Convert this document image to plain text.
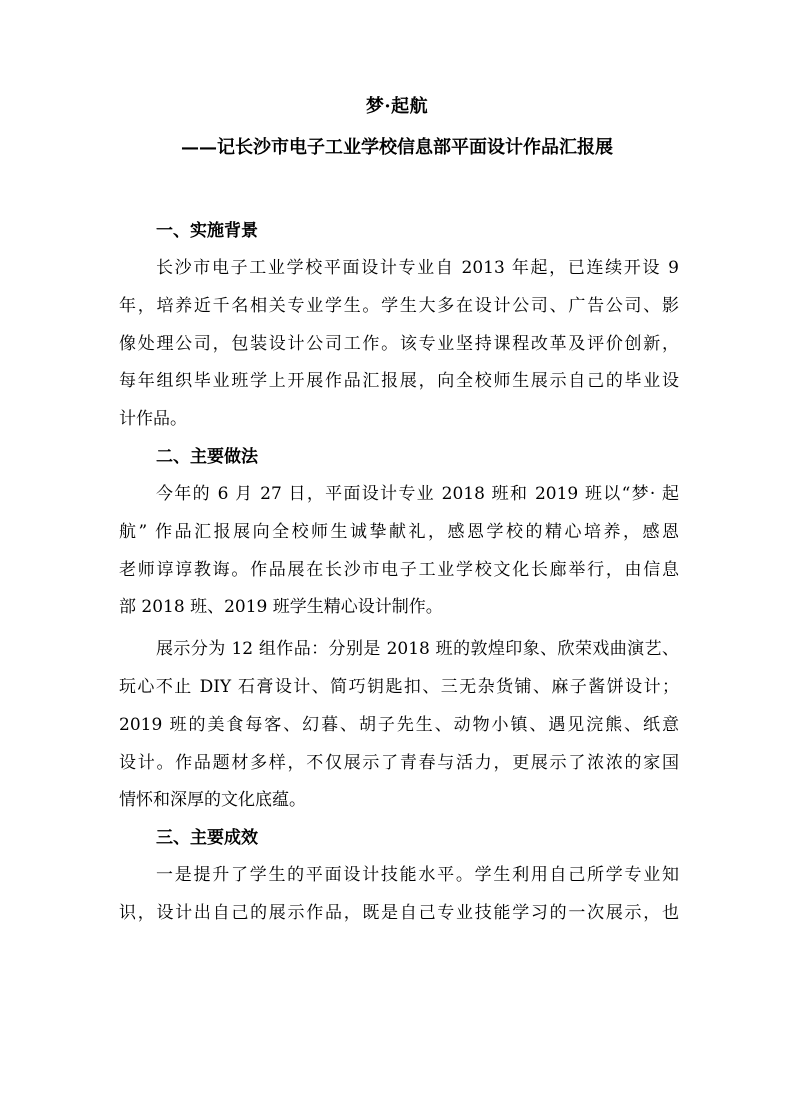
梦·起航
——记长沙市电子工业学校信息部平面设计作品汇报展
一、实施背景
长沙市电子工业学校平面设计专业自 2013 年起，已连续开设 9
年，培养近千名相关专业学生。学生大多在设计公司、广告公司、影
像处理公司，包装设计公司工作。该专业坚持课程改革及评价创新，
每年组织毕业班学上开展作品汇报展，向全校师生展示自己的毕业设
计作品。
二、主要做法
今年的 6 月 27 日，平面设计专业 2018 班和 2019 班以“梦· 起
航” 作品汇报展向全校师生诚挚献礼，感恩学校的精心培养，感恩
老师谆谆教诲。作品展在长沙市电子工业学校文化长廊举行，由信息
部 2018 班、2019 班学生精心设计制作。
展示分为 12 组作品：分别是 2018 班的敦煌印象、欣荣戏曲演艺、
玩心不止 DIY 石膏设计、简巧钥匙扣、三无杂货铺、麻子酱饼设计；
2019 班的美食每客、幻暮、胡子先生、动物小镇、遇见浣熊、纸意
设计。作品题材多样，不仅展示了青春与活力，更展示了浓浓的家国
情怀和深厚的文化底蕴。
三、主要成效
一是提升了学生的平面设计技能水平。学生利用自己所学专业知
识，设计出自己的展示作品，既是自己专业技能学习的一次展示，也
